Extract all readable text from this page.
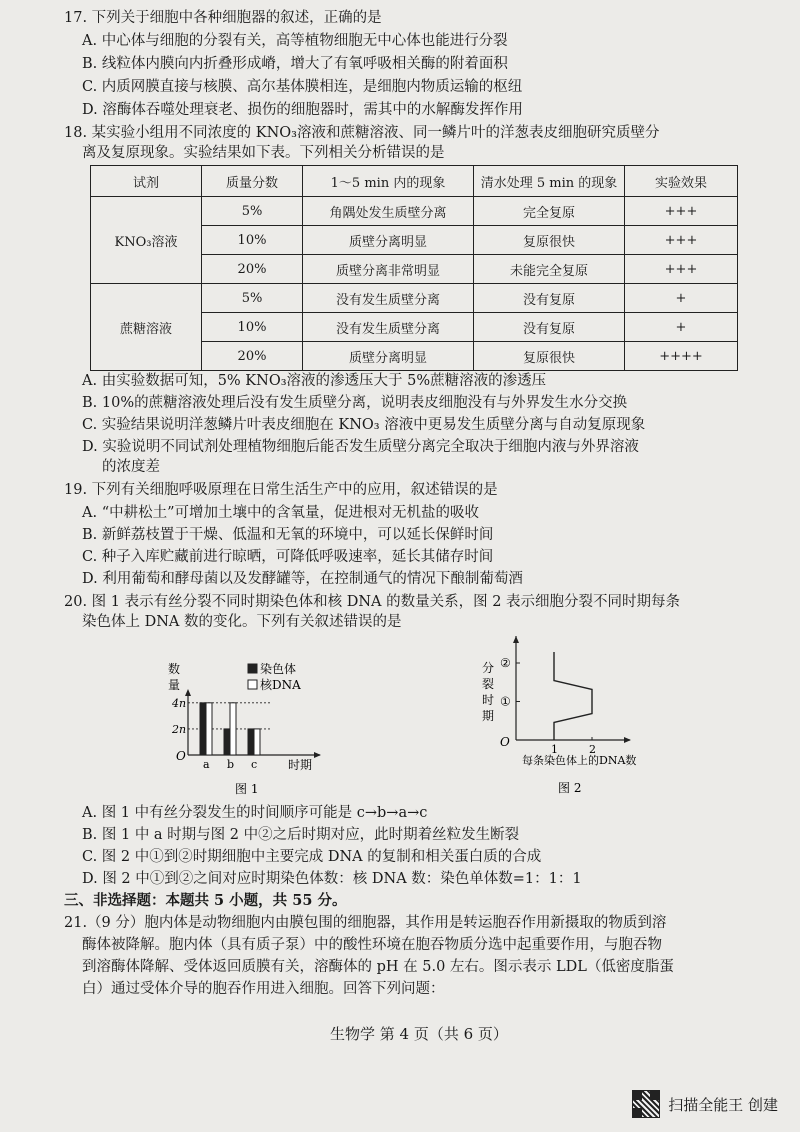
17. 下列关于细胞中各种细胞器的叙述，正确的是
A. 中心体与细胞的分裂有关，高等植物细胞无中心体也能进行分裂
B. 线粒体内膜向内折叠形成嵴，增大了有氧呼吸相关酶的附着面积
C. 内质网膜直接与核膜、高尔基体膜相连，是细胞内物质运输的枢纽
D. 溶酶体吞噬处理衰老、损伤的细胞器时，需其中的水解酶发挥作用
18. 某实验小组用不同浓度的 KNO₃溶液和蔗糖溶液、同一鳞片叶的洋葱表皮细胞研究质壁分
离及复原现象。实验结果如下表。下列相关分析错误的是
试剂	质量分数	1～5 min 内的现象	清水处理 5 min 的现象	实验效果
KNO₃溶液	5%	角隅处发生质壁分离	完全复原	+++
	10%	质壁分离明显	复原很快	+++
	20%	质壁分离非常明显	未能完全复原	+++
蔗糖溶液	5%	没有发生质壁分离	没有复原	+
	10%	没有发生质壁分离	没有复原	+
	20%	质壁分离明显	复原很快	++++
A. 由实验数据可知，5% KNO₃溶液的渗透压大于 5%蔗糖溶液的渗透压
B. 10%的蔗糖溶液处理后没有发生质壁分离，说明表皮细胞没有与外界发生水分交换
C. 实验结果说明洋葱鳞片叶表皮细胞在 KNO₃ 溶液中更易发生质壁分离与自动复原现象
D. 实验说明不同试剂处理植物细胞后能否发生质壁分离完全取决于细胞内液与外界溶液
的浓度差
19. 下列有关细胞呼吸原理在日常生活生产中的应用，叙述错误的是
A. “中耕松土”可增加土壤中的含氧量，促进根对无机盐的吸收
B. 新鲜荔枝置于干燥、低温和无氧的环境中，可以延长保鲜时间
C. 种子入库贮藏前进行晾晒，可降低呼吸速率，延长其储存时间
D. 利用葡萄和酵母菌以及发酵罐等，在控制通气的情况下酿制葡萄酒
20. 图 1 表示有丝分裂不同时期染色体和核 DNA 的数量关系，图 2 表示细胞分裂不同时期每条
染色体上 DNA 数的变化。下列有关叙述错误的是
数
量
染色体
核DNA
4n
2n
a b c
O
时期
图 1
分
裂
时
期
1	2
①
②
O
每条染色体上的DNA数
图 2
A. 图 1 中有丝分裂发生的时间顺序可能是 c→b→a→c
B. 图 1 中 a 时期与图 2 中②之后时期对应，此时期着丝粒发生断裂
C. 图 2 中①到②时期细胞中主要完成 DNA 的复制和相关蛋白质的合成
D. 图 2 中①到②之间对应时期染色体数：核 DNA 数：染色单体数=1：1：1
三、非选择题：本题共 5 小题，共 55 分。
21.（9 分）胞内体是动物细胞内由膜包围的细胞器，其作用是转运胞吞作用新摄取的物质到溶
酶体被降解。胞内体（具有质子泵）中的酸性环境在胞吞物质分选中起重要作用，与胞吞物
到溶酶体降解、受体返回质膜有关，溶酶体的 pH 在 5.0 左右。图示表示 LDL（低密度脂蛋
白）通过受体介导的胞吞作用进入细胞。回答下列问题：
生物学 第 4 页（共 6 页）
扫描全能王 创建
